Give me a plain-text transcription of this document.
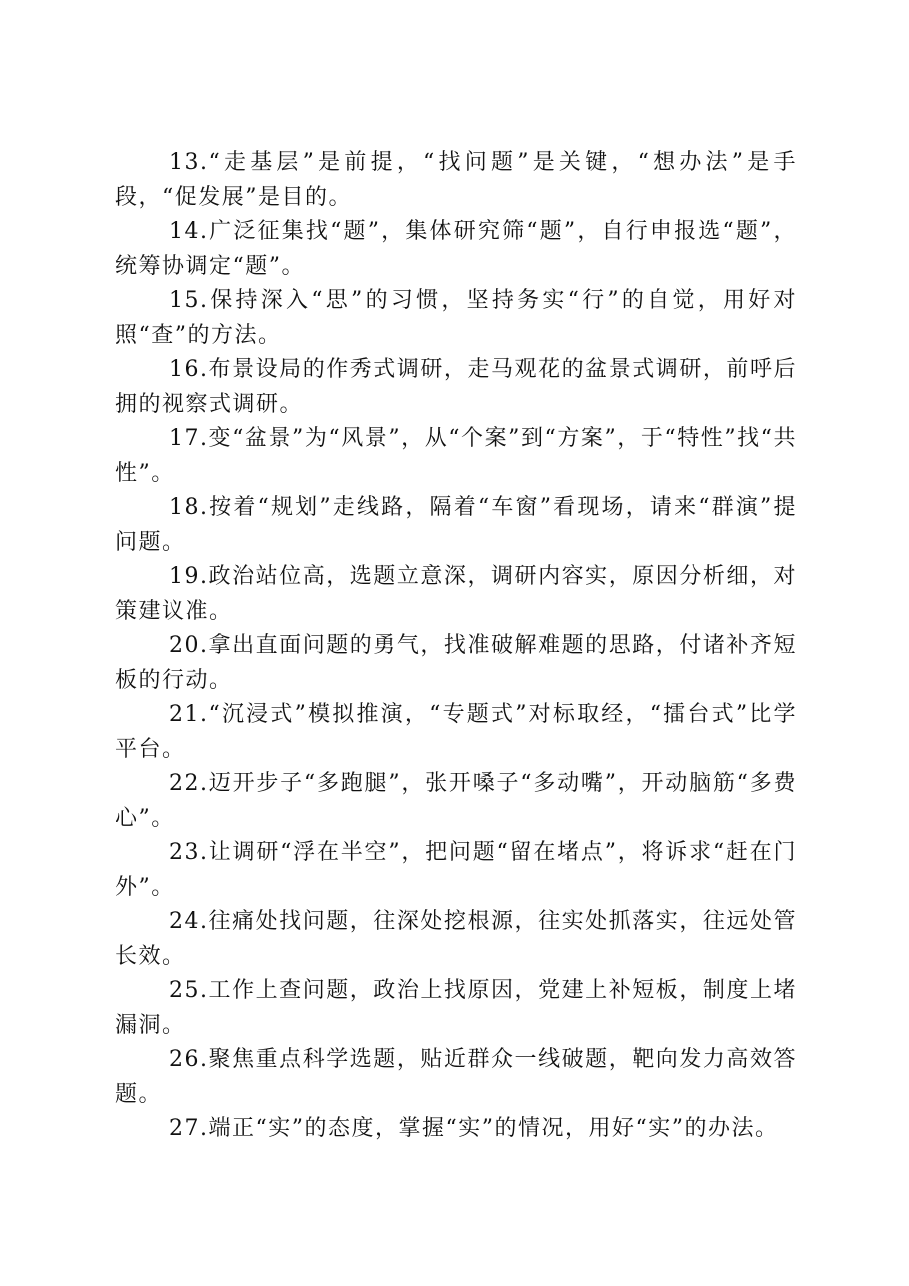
13.“走基层”是前提，“找问题”是关键，“想办法”是手段，“促发展”是目的。

14.广泛征集找“题”，集体研究筛“题”，自行申报选“题”，统筹协调定“题”。

15.保持深入“思”的习惯，坚持务实“行”的自觉，用好对照“查”的方法。

16.布景设局的作秀式调研，走马观花的盆景式调研，前呼后拥的视察式调研。

17.变“盆景”为“风景”，从“个案”到“方案”，于“特性”找“共性”。

18.按着“规划”走线路，隔着“车窗”看现场，请来“群演”提问题。

19.政治站位高，选题立意深，调研内容实，原因分析细，对策建议准。

20.拿出直面问题的勇气，找准破解难题的思路，付诸补齐短板的行动。

21.“沉浸式”模拟推演，“专题式”对标取经，“擂台式”比学平台。

22.迈开步子“多跑腿”，张开嗓子“多动嘴”，开动脑筋“多费心”。

23.让调研“浮在半空”，把问题“留在堵点”，将诉求“赶在门外”。

24.往痛处找问题，往深处挖根源，往实处抓落实，往远处管长效。

25.工作上查问题，政治上找原因，党建上补短板，制度上堵漏洞。

26.聚焦重点科学选题，贴近群众一线破题，靶向发力高效答题。

27.端正“实”的态度，掌握“实”的情况，用好“实”的办法。
